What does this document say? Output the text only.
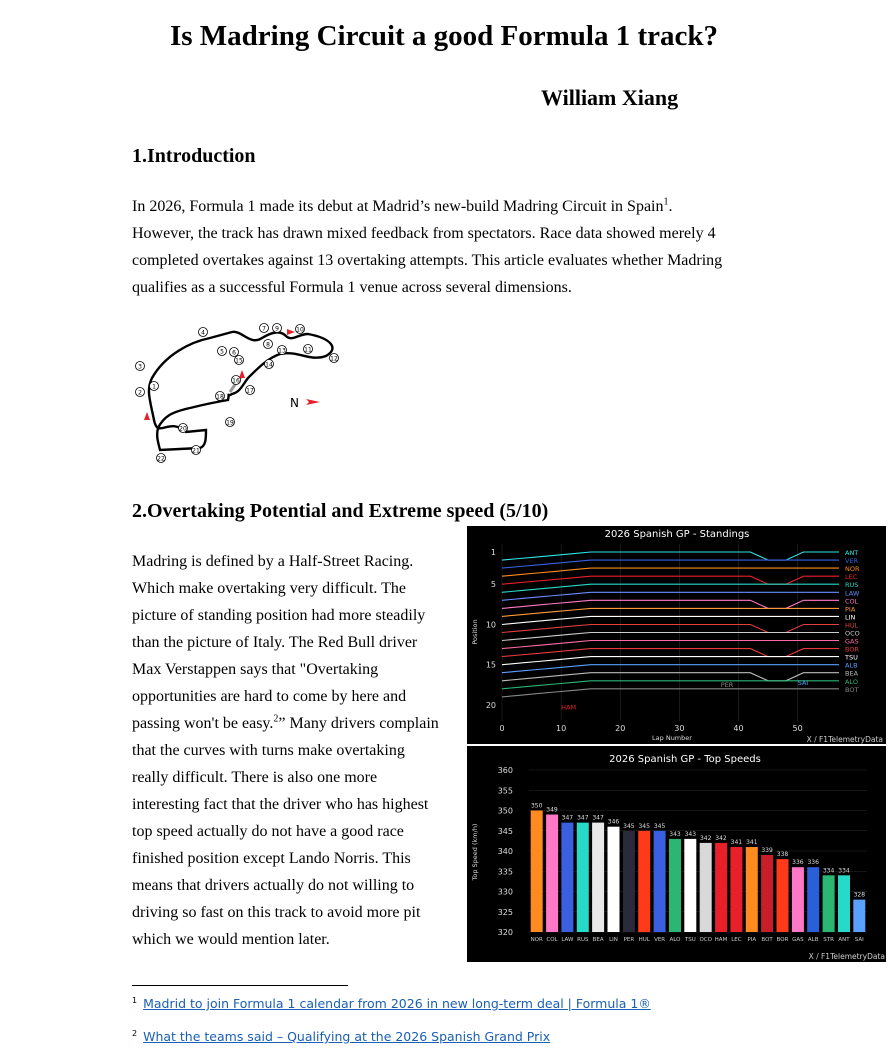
Is Madring Circuit a good Formula 1 track?

William Xiang

1.Introduction

In 2026, Formula 1 made its debut at Madrid’s new-build Madring Circuit in Spain$^1$.
However, the track has drawn mixed feedback from spectators. Race data showed merely 4
completed overtakes against 13 overtaking attempts. This article evaluates whether Madring
qualifies as a successful Formula 1 venue across several dimensions.
1
2
3
4
5 6
7
8
9	10
11
12
13
14
15
16
17
18
19
20
21
22
N

2.Overtaking Potential and Extreme speed (5/10)

Madring is defined by a Half-Street Racing.
Which make overtaking very difficult. The
picture of standing position had more steadily
than the picture of Italy. The Red Bull driver
Max Verstappen says that "Overtaking
opportunities are hard to come by here and
passing won't be easy.$^2$” Many drivers complain
that the curves with turns make overtaking
really difficult. There is also one more
interesting fact that the driver who has highest
top speed actually do not have a good race
finished position except Lando Norris. This
means that drivers actually do not willing to
driving so fast on this track to avoid more pit
which we would mention later.
2026 Spanish GP - Standings
0	10	20	30	40	50
1
5
10
15
20
Lap Number
Position
ANT
VER
NOR
LEC
RUS
LAW
COL
PIA
LIN
HUL
OCO
GAS
BOR
TSU
ALB
BEA
ALO
BOT
HAM
PER	SAI
X / F1TelemetryData
2026 Spanish GP - Top Speeds
320
325
330
335
340
345
350
355
360
Top Speed (km/h)
350
NOR
349
COL
347
LAW
347
RUS
347
BEA
346
LIN
345
PER
345
HUL
345
VER
343
ALO
343
TSU
342
OCO
342
HAM
341
LEC
341
PIA
339
BOT
338
BOR
336
GAS
336
ALB
334
STR
334
ANT
328
SAI
X / F1TelemetryData
$^1$ Madrid to join Formula 1 calendar from 2026 in new long-term deal | Formula 1®
$^2$ What the teams said – Qualifying at the 2026 Spanish Grand Prix
